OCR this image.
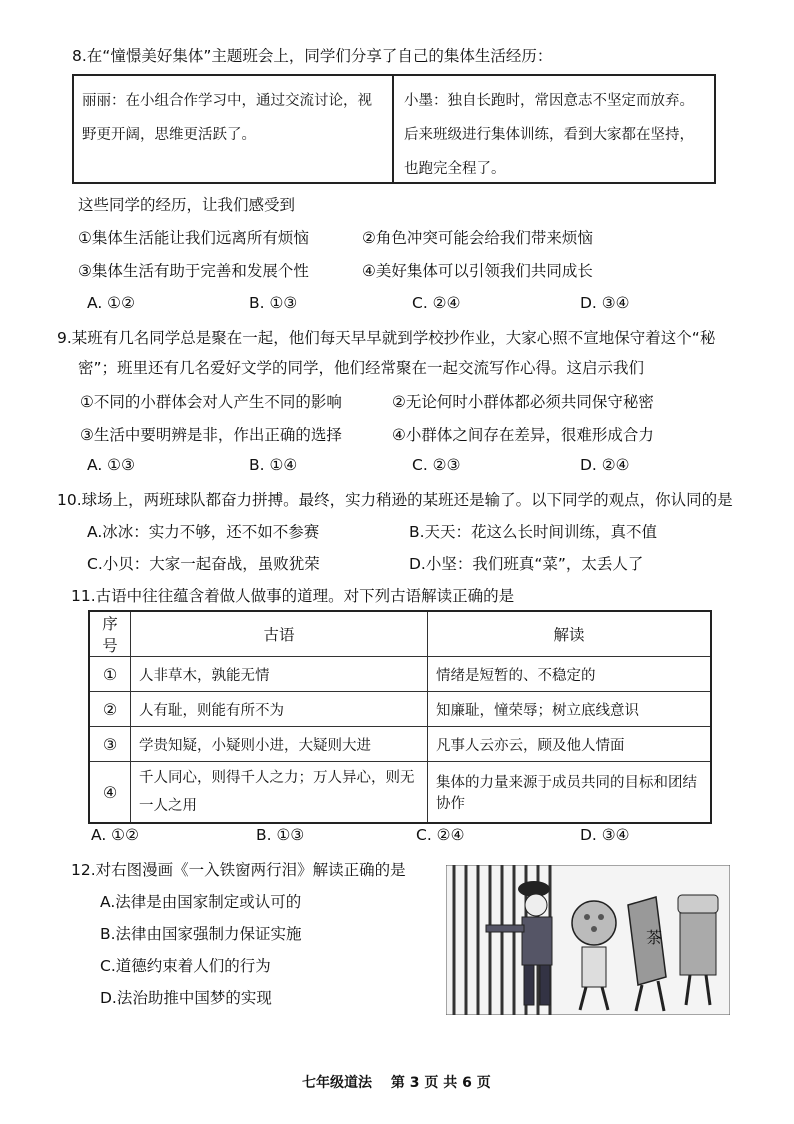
8.在“憧憬美好集体”主题班会上，同学们分享了自己的集体生活经历：
丽丽：在小组合作学习中，通过交流讨论，视野更开阔，思维更活跃了。
小墨：独自长跑时，常因意志不坚定而放弃。后来班级进行集体训练，看到大家都在坚持，也跑完全程了。
这些同学的经历，让我们感受到
①集体生活能让我们远离所有烦恼	②角色冲突可能会给我们带来烦恼
③集体生活有助于完善和发展个性	④美好集体可以引领我们共同成长
A. ①②	B. ①③	C. ②④	D. ③④
9.某班有几名同学总是聚在一起，他们每天早早就到学校抄作业，大家心照不宣地保守着这个“秘
密”；班里还有几名爱好文学的同学，他们经常聚在一起交流写作心得。这启示我们
①不同的小群体会对人产生不同的影响	②无论何时小群体都必须共同保守秘密
③生活中要明辨是非，作出正确的选择	④小群体之间存在差异，很难形成合力
A. ①③	B. ①④	C. ②③	D. ②④
10.球场上，两班球队都奋力拼搏。最终，实力稍逊的某班还是输了。以下同学的观点，你认同的是
A.冰冰：实力不够，还不如不参赛	B.天天：花这么长时间训练，真不值
C.小贝：大家一起奋战，虽败犹荣	D.小坚：我们班真“菜”，太丢人了
11.古语中往往蕴含着做人做事的道理。对下列古语解读正确的是
序号	古语	解读
①	人非草木，孰能无情	情绪是短暂的、不稳定的
②	人有耻，则能有所不为	知廉耻，憧荣辱；树立底线意识
③	学贵知疑，小疑则小进，大疑则大进	凡事人云亦云，顾及他人情面
④	千人同心，则得千人之力；万人异心，则无一人之用	集体的力量来源于成员共同的目标和团结协作
A. ①②	B. ①③	C. ②④	D. ③④
12.对右图漫画《一入铁窗两行泪》解读正确的是
A.法律是由国家制定或认可的
B.法律由国家强制力保证实施
C.道德约束着人们的行为
D.法治助推中国梦的实现
茶
七年级道法　 第 3 页 共 6 页
